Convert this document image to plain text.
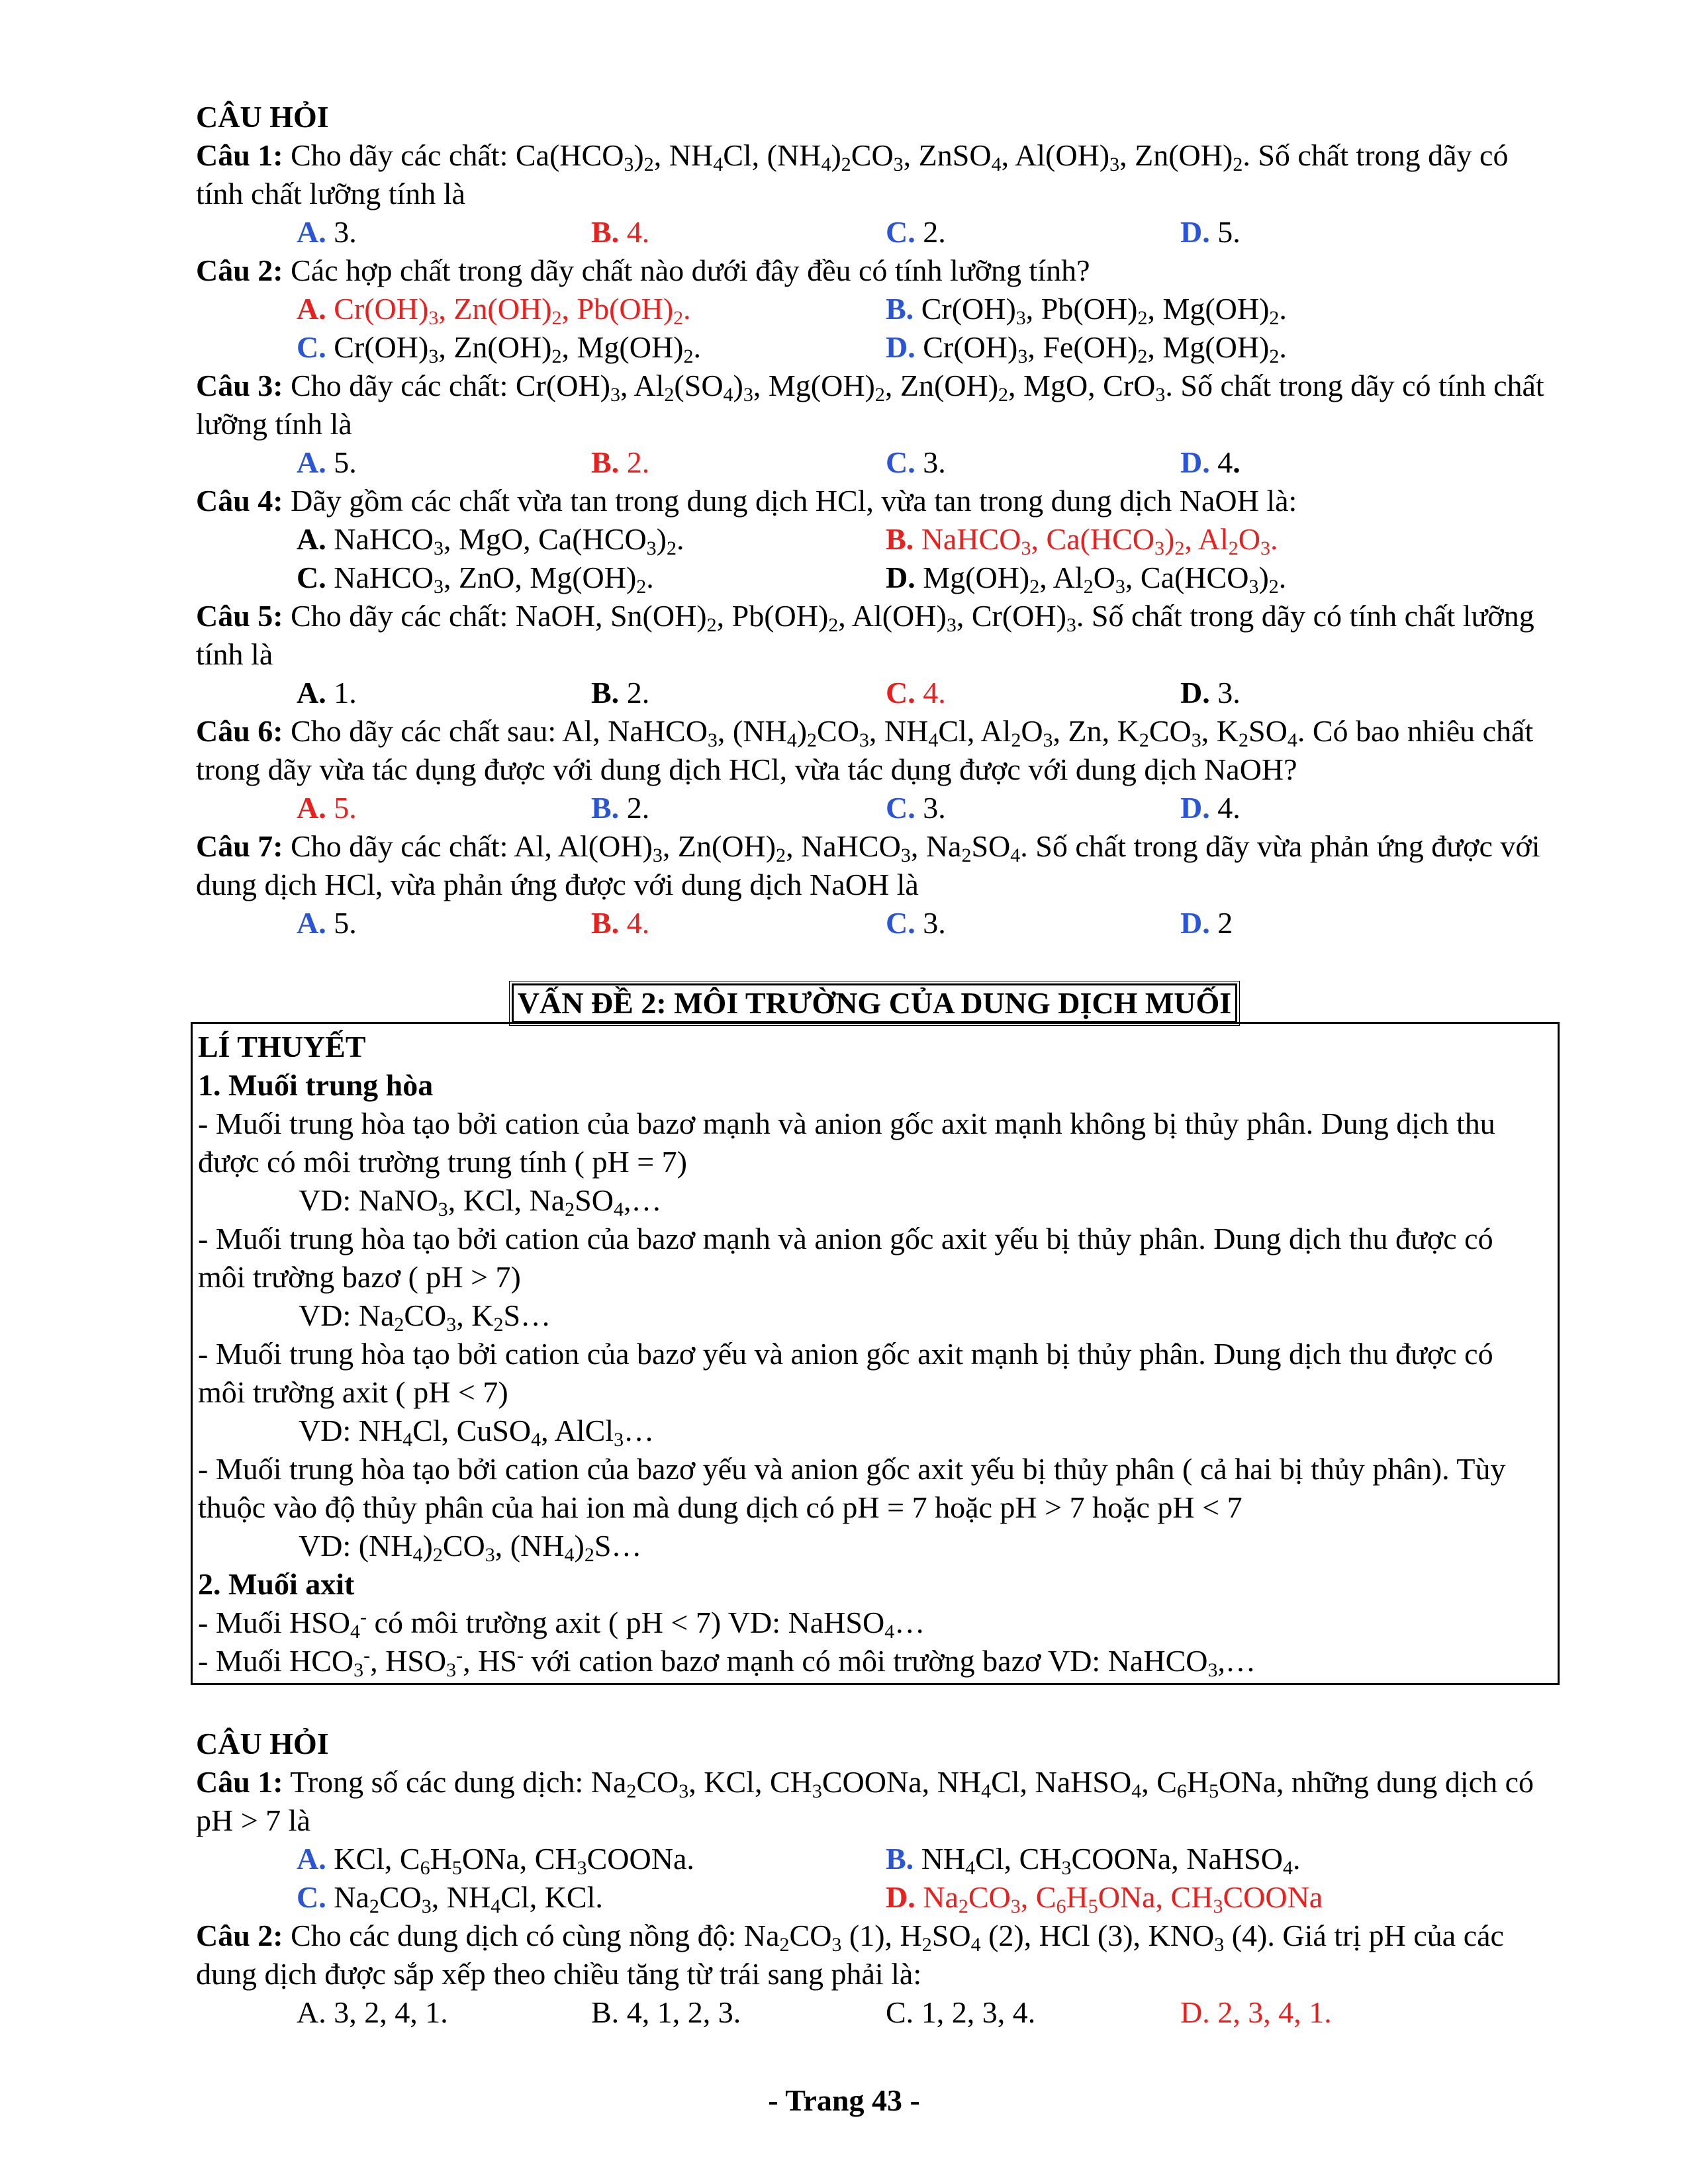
CÂU HỎI

Câu 1: Cho dãy các chất: $Ca(HCO_3)_2$, $NH_4Cl$, $(NH_4)_2CO_3$, ZnSO$_4$, $Al(OH)_3$, $Zn(OH)_2$. Số chất trong dãy có tính chất lưỡng tính là

A. 3.	B. 4.	C. 2.	D. 5.

Câu 2: Các hợp chất trong dãy chất nào dưới đây đều có tính lưỡng tính?

A. $Cr(OH)_3$, $Zn(OH)_2$, $Pb(OH)_2$.	B. $Cr(OH)_3$, $Pb(OH)_2$, $Mg(OH)_2$.
C. $Cr(OH)_3$, $Zn(OH)_2$, $Mg(OH)_2$.	D. $Cr(OH)_3$, $Fe(OH)_2$, $Mg(OH)_2$.

Câu 3: Cho dãy các chất: $Cr(OH)_3$, $Al_2(SO_4)_3$, $Mg(OH)_2$, $Zn(OH)_2$, MgO, CrO$_3$. Số chất trong dãy có tính chất lưỡng tính là

A. 5.	B. 2.	C. 3.	D. 4.

Câu 4: Dãy gồm các chất vừa tan trong dung dịch HCl, vừa tan trong dung dịch NaOH là:

A. NaHCO$_3$, MgO, $Ca(HCO_3)_2$.	B. NaHCO$_3$, $Ca(HCO_3)_2$, $Al_2O_3$.
C. NaHCO$_3$, ZnO, $Mg(OH)_2$.	D. $Mg(OH)_2$, $Al_2O_3$, $Ca(HCO_3)_2$.

Câu 5: Cho dãy các chất: NaOH, $Sn(OH)_2$, $Pb(OH)_2$, $Al(OH)_3$, $Cr(OH)_3$. Số chất trong dãy có tính chất lưỡng tính là

A. 1.	B. 2.	C. 4.	D. 3.

Câu 6: Cho dãy các chất sau: Al, NaHCO$_3$, $(NH_4)_2CO_3$, $NH_4Cl$, $Al_2O_3$, Zn, $K_2CO_3$, $K_2SO_4$. Có bao nhiêu chất trong dãy vừa tác dụng được với dung dịch HCl, vừa tác dụng được với dung dịch NaOH?

A. 5.	B. 2.	C. 3.	D. 4.

Câu 7: Cho dãy các chất: Al, $Al(OH)_3$, $Zn(OH)_2$, NaHCO$_3$, $Na_2SO_4$. Số chất trong dãy vừa phản ứng được với dung dịch HCl, vừa phản ứng được với dung dịch NaOH là

A. 5.	B. 4.	C. 3.	D. 2
VẤN ĐỀ 2: MÔI TRƯỜNG CỦA DUNG DỊCH MUỐI

LÍ THUYẾT

1. Muối trung hòa

- Muối trung hòa tạo bởi cation của bazơ mạnh và anion gốc axit mạnh không bị thủy phân. Dung dịch thu được có môi trường trung tính ( pH = 7)

VD: NaNO$_3$, KCl, $Na_2SO_4,\dots$

- Muối trung hòa tạo bởi cation của bazơ mạnh và anion gốc axit yếu bị thủy phân. Dung dịch thu được có môi trường bazơ ( pH > 7)

VD: $Na_2CO_3$, $K_2S\dots$

- Muối trung hòa tạo bởi cation của bazơ yếu và anion gốc axit mạnh bị thủy phân. Dung dịch thu được có môi trường axit ( pH < 7)

VD: $NH_4Cl$, CuSO$_4$, AlCl$_3$…

- Muối trung hòa tạo bởi cation của bazơ yếu và anion gốc axit yếu bị thủy phân ( cả hai bị thủy phân). Tùy thuộc vào độ thủy phân của hai ion mà dung dịch có pH = 7 hoặc pH > 7 hoặc pH < 7

VD: $(NH_4)_2CO_3$, $(NH_4)_2S\dots$

2. Muối axit

- Muối $HSO_4^-$ có môi trường axit ( pH < 7) VD: NaHSO$_4$…

- Muối $HCO_3^-$, $HSO_3^-$, HS- với cation bazơ mạnh có môi trường bazơ VD: NaHCO$_3$,…

CÂU HỎI

Câu 1: Trong số các dung dịch: $Na_2CO_3$, KCl, $CH_3COONa$, $NH_4Cl$, NaHSO$_4$, $C_6H_5ONa$, những dung dịch có pH > 7 là

A. KCl, $C_6H_5ONa$, $CH_3COONa$.	B. $NH_4Cl$, $CH_3COONa$, NaHSO$_4$.
C. $Na_2CO_3$, $NH_4Cl$, KCl.	D. $Na_2CO_3$, $C_6H_5ONa$, $CH_3COONa$

Câu 2: Cho các dung dịch có cùng nồng độ: $Na_2CO_3$ (1), $H_2SO_4$ (2), HCl (3), $KNO_3$ (4). Giá trị pH của các dung dịch được sắp xếp theo chiều tăng từ trái sang phải là:

A. 3, 2, 4, 1.	B. 4, 1, 2, 3.	C. 1, 2, 3, 4.	D. 2, 3, 4, 1.
- Trang 43 -
